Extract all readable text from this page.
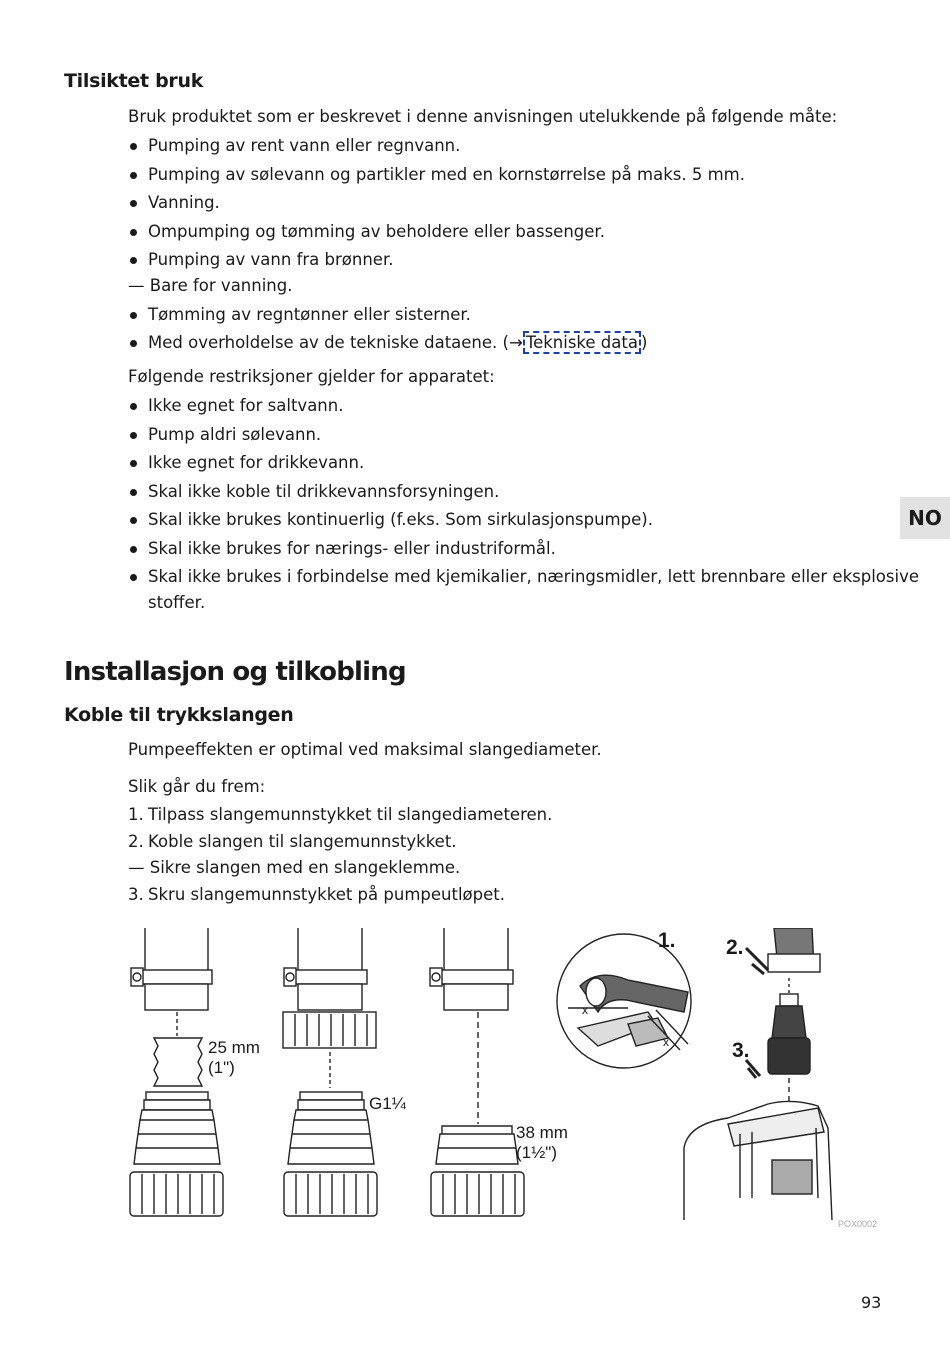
Tilsiktet bruk

Bruk produktet som er beskrevet i denne anvisningen utelukkende på følgende måte:

Pumping av rent vann eller regnvann.
Pumping av sølevann og partikler med en kornstørrelse på maks. 5 mm.
Vanning.
Ompumping og tømming av beholdere eller bassenger.
Pumping av vann fra brønner.
— Bare for vanning.
Tømming av regntønner eller sisterner.
Med overholdelse av de tekniske dataene. (→ Tekniske data )

Følgende restriksjoner gjelder for apparatet:

Ikke egnet for saltvann.
Pump aldri sølevann.
Ikke egnet for drikkevann.
Skal ikke koble til drikkevannsforsyningen.
Skal ikke brukes kontinuerlig (f.eks. Som sirkulasjonspumpe).
Skal ikke brukes for nærings- eller industriformål.
Skal ikke brukes i forbindelse med kjemikalier, næringsmidler, lett brennbare eller eksplosive
stoffer.
NO
Installasjon og tilkobling
Koble til trykkslangen

Pumpeeffekten er optimal ved maksimal slangediameter.

Slik går du frem:

1. Tilpass slangemunnstykket til slangediameteren.
2. Koble slangen til slangemunnstykket.
— Sikre slangen med en slangeklemme.
3. Skru slangemunnstykket på pumpeutløpet.
25 mm
(1")
G1¼
38 mm
(1½")
x
x
1. 2.
3.
POX0002
93
